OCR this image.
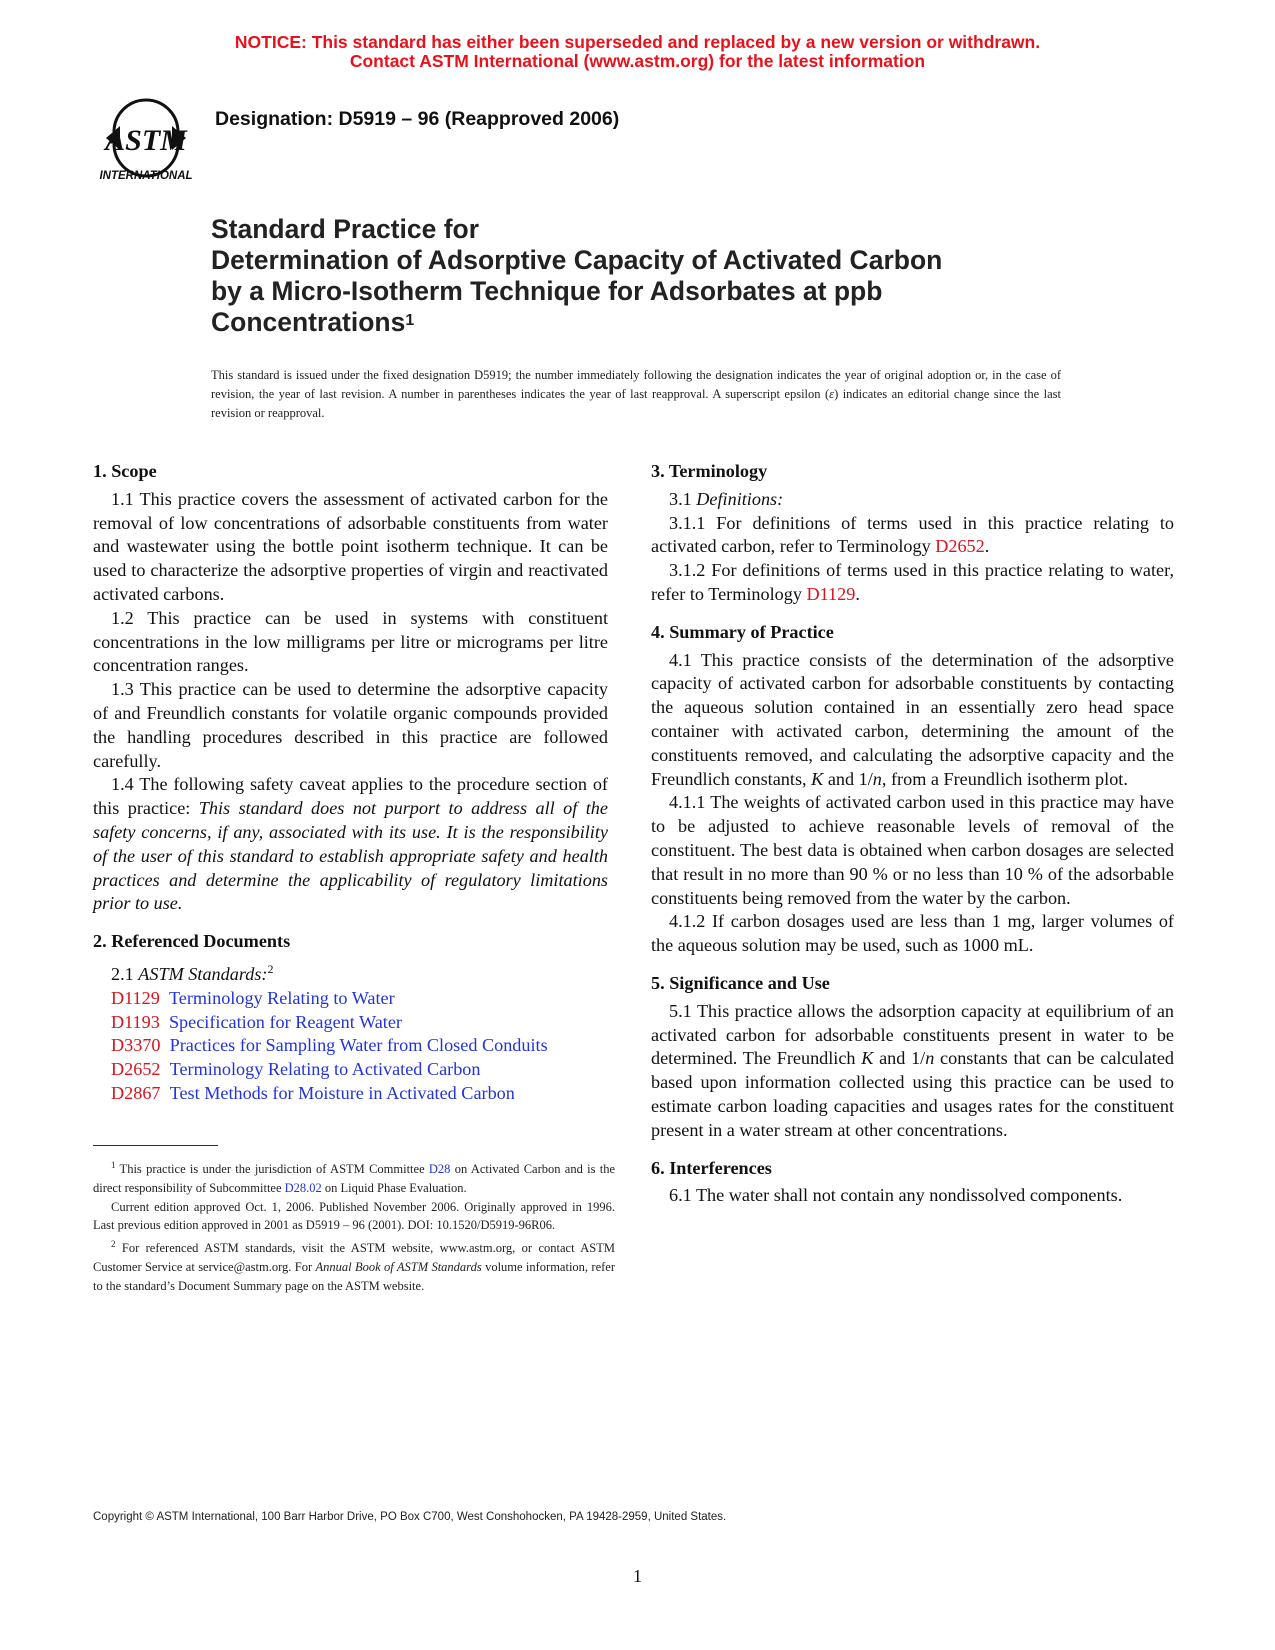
NOTICE: This standard has either been superseded and replaced by a new version or withdrawn.
Contact ASTM International (www.astm.org) for the latest information
ASTM
INTERNATIONAL
Designation: D5919 – 96 (Reapproved 2006)
Standard Practice for
Determination of Adsorptive Capacity of Activated Carbon
by a Micro-Isotherm Technique for Adsorbates at ppb
Concentrations$^1$
This standard is issued under the fixed designation D5919; the number immediately following the designation indicates the year of original adoption or, in the case of revision, the year of last revision. A number in parentheses indicates the year of last reapproval. A superscript epsilon (ε) indicates an editorial change since the last revision or reapproval.
1. Scope

1.1 This practice covers the assessment of activated carbon for the removal of low concentrations of adsorbable constituents from water and wastewater using the bottle point isotherm technique. It can be used to characterize the adsorptive properties of virgin and reactivated activated carbons.

1.2 This practice can be used in systems with constituent concentrations in the low milligrams per litre or micrograms per litre concentration ranges.

1.3 This practice can be used to determine the adsorptive capacity of and Freundlich constants for volatile organic compounds provided the handling procedures described in this practice are followed carefully.

1.4 The following safety caveat applies to the procedure section of this practice: This standard does not purport to address all of the safety concerns, if any, associated with its use. It is the responsibility of the user of this standard to establish appropriate safety and health practices and determine the applicability of regulatory limitations prior to use.

2. Referenced Documents

2.1 ASTM Standards:$^2$

D1129 Terminology Relating to Water

D1193 Specification for Reagent Water

D3370 Practices for Sampling Water from Closed Conduits

D2652 Terminology Relating to Activated Carbon

D2867 Test Methods for Moisture in Activated Carbon

$^1$ This practice is under the jurisdiction of ASTM Committee D28 on Activated Carbon and is the direct responsibility of Subcommittee D28.02 on Liquid Phase Evaluation.

Current edition approved Oct. 1, 2006. Published November 2006. Originally approved in 1996. Last previous edition approved in 2001 as D5919 – 96 (2001). DOI: 10.1520/D5919-96R06.

$^2$ For referenced ASTM standards, visit the ASTM website, www.astm.org, or contact ASTM Customer Service at service@astm.org. For Annual Book of ASTM Standards volume information, refer to the standard’s Document Summary page on the ASTM website.

3. Terminology

3.1 Definitions:

3.1.1 For definitions of terms used in this practice relating to activated carbon, refer to Terminology D2652.

3.1.2 For definitions of terms used in this practice relating to water, refer to Terminology D1129.

4. Summary of Practice

4.1 This practice consists of the determination of the adsorptive capacity of activated carbon for adsorbable constituents by contacting the aqueous solution contained in an essentially zero head space container with activated carbon, determining the amount of the constituents removed, and calculating the adsorptive capacity and the Freundlich constants, K and 1/n, from a Freundlich isotherm plot.

4.1.1 The weights of activated carbon used in this practice may have to be adjusted to achieve reasonable levels of removal of the constituent. The best data is obtained when carbon dosages are selected that result in no more than 90 % or no less than 10 % of the adsorbable constituents being removed from the water by the carbon.

4.1.2 If carbon dosages used are less than 1 mg, larger volumes of the aqueous solution may be used, such as 1000 mL.

5. Significance and Use

5.1 This practice allows the adsorption capacity at equilibrium of an activated carbon for adsorbable constituents present in water to be determined. The Freundlich K and 1/n constants that can be calculated based upon information collected using this practice can be used to estimate carbon loading capacities and usages rates for the constituent present in a water stream at other concentrations.

6. Interferences

6.1 The water shall not contain any nondissolved components.

Copyright © ASTM International, 100 Barr Harbor Drive, PO Box C700, West Conshohocken, PA 19428-2959, United States.
1
